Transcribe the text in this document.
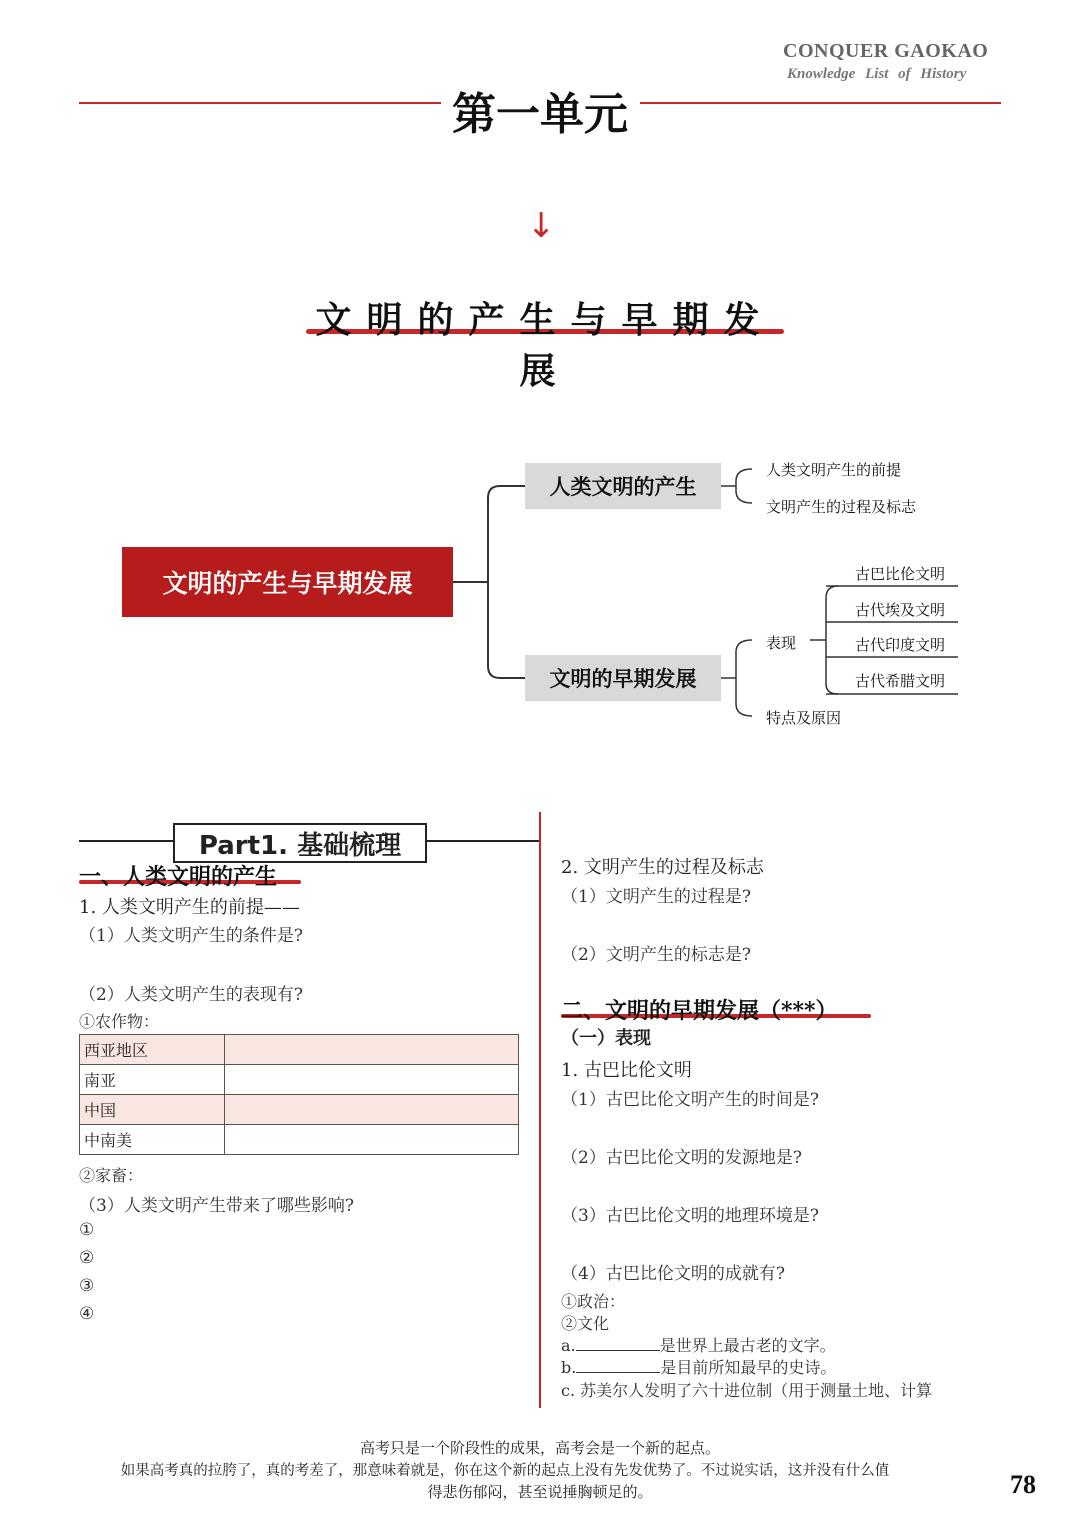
CONQUER GAOKAO
Knowledge List of History
第一单元
↓
文明的产生与早期发展
文明的产生与早期发展
人类文明的产生
文明的早期发展
人类文明产生的前提
文明产生的过程及标志
表现
特点及原因
古巴比伦文明
古代埃及文明
古代印度文明
古代希腊文明
Part1. 基础梳理
一、人类文明的产生
1. 人类文明产生的前提——
（1）人类文明产生的条件是?
（2）人类文明产生的表现有?
①农作物：
西亚地区	
南亚	
中国	
中南美	
②家畜：
（3）人类文明产生带来了哪些影响?
①
②
③
④
2. 文明产生的过程及标志
（1）文明产生的过程是?
（2）文明产生的标志是?
二、文明的早期发展（***）
（一）表现
1. 古巴比伦文明
（1）古巴比伦文明产生的时间是?
（2）古巴比伦文明的发源地是?
（3）古巴比伦文明的地理环境是?
（4）古巴比伦文明的成就有?
①政治：
②文化
a.	是世界上最古老的文字。
b.	是目前所知最早的史诗。
c. 苏美尔人发明了六十进位制（用于测量土地、计算
高考只是一个阶段性的成果，高考会是一个新的起点。
如果高考真的拉胯了，真的考差了，那意味着就是，你在这个新的起点上没有先发优势了。不过说实话，这并没有什么值
得悲伤郁闷，甚至说捶胸顿足的。	78
